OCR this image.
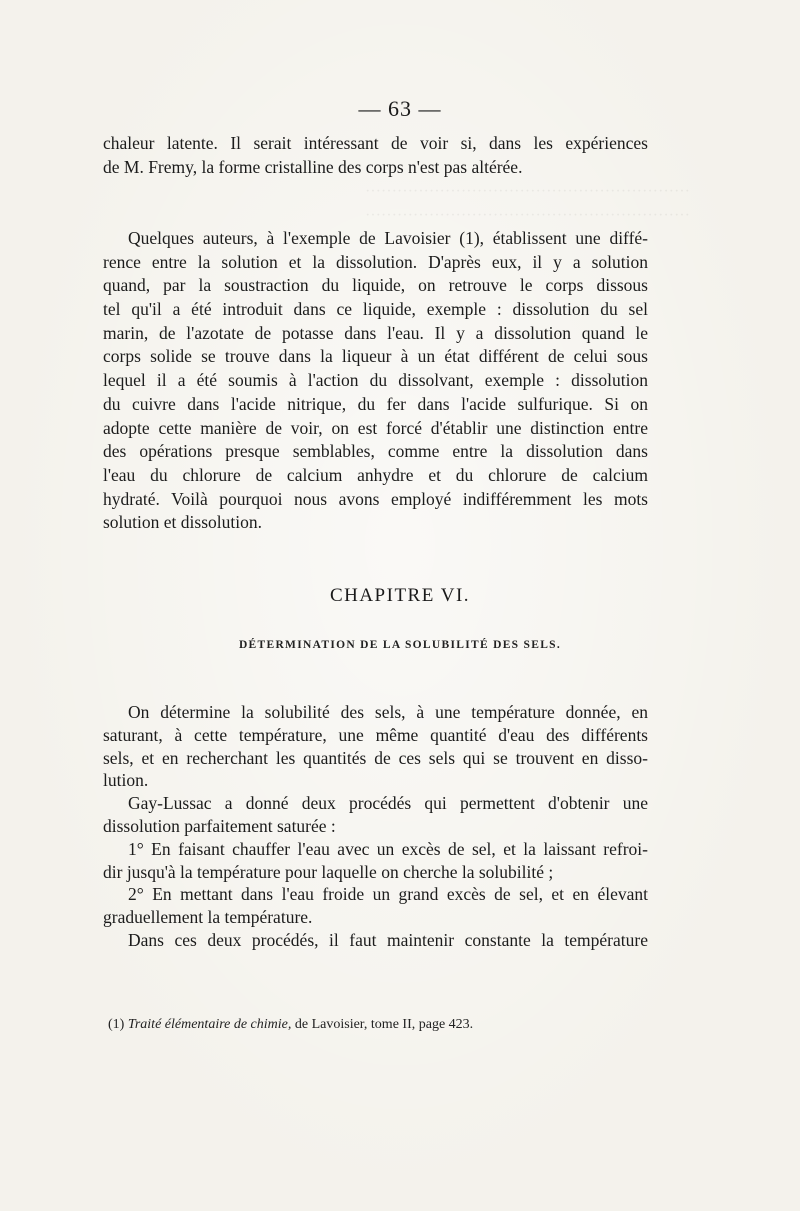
·····························································
·····························································
— 63 —
chaleur latente. Il serait intéressant de voir si, dans les expériences
de M. Fremy, la forme cristalline des corps n'est pas altérée.
Quelques auteurs, à l'exemple de Lavoisier (1), établissent une diffé-
rence entre la solution et la dissolution. D'après eux, il y a solution
quand, par la soustraction du liquide, on retrouve le corps dissous
tel qu'il a été introduit dans ce liquide, exemple : dissolution du sel
marin, de l'azotate de potasse dans l'eau. Il y a dissolution quand le
corps solide se trouve dans la liqueur à un état différent de celui sous
lequel il a été soumis à l'action du dissolvant, exemple : dissolution
du cuivre dans l'acide nitrique, du fer dans l'acide sulfurique. Si on
adopte cette manière de voir, on est forcé d'établir une distinction entre
des opérations presque semblables, comme entre la dissolution dans
l'eau du chlorure de calcium anhydre et du chlorure de calcium
hydraté. Voilà pourquoi nous avons employé indifféremment les mots
solution et dissolution.
CHAPITRE VI.
DÉTERMINATION DE LA SOLUBILITÉ DES SELS.
On détermine la solubilité des sels, à une température donnée, en
saturant, à cette température, une même quantité d'eau des différents
sels, et en recherchant les quantités de ces sels qui se trouvent en disso-
lution.
Gay-Lussac a donné deux procédés qui permettent d'obtenir une
dissolution parfaitement saturée :
1° En faisant chauffer l'eau avec un excès de sel, et la laissant refroi-
dir jusqu'à la température pour laquelle on cherche la solubilité ;
2° En mettant dans l'eau froide un grand excès de sel, et en élevant
graduellement la température.
Dans ces deux procédés, il faut maintenir constante la température
(1) Traité élémentaire de chimie, de Lavoisier, tome II, page 423.
